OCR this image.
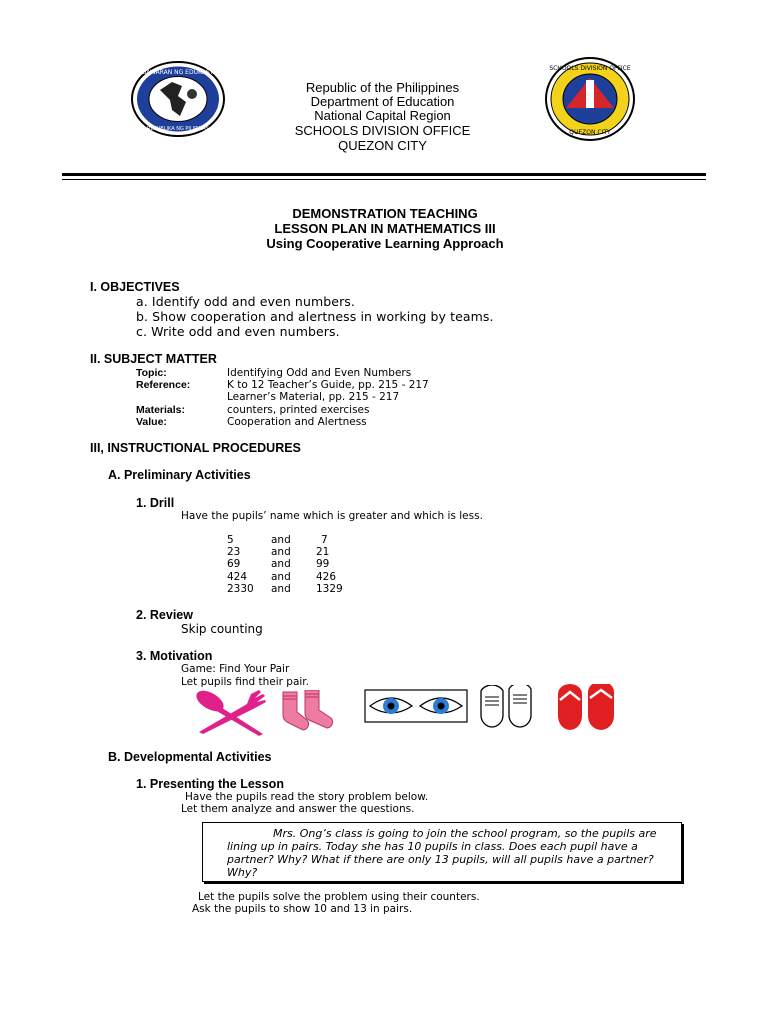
KAGAWARAN NG EDUKASYON
REPUBLIKA NG PILIPINAS
SCHOOLS DIVISION OFFICE
QUEZON CITY
Republic of the Philippines
Department of Education
National Capital Region
SCHOOLS DIVISION OFFICE
QUEZON CITY
DEMONSTRATION TEACHING
LESSON PLAN IN MATHEMATICS III
Using Cooperative Learning Approach
I. OBJECTIVES
a. Identify odd and even numbers.
b. Show cooperation and alertness in working by teams.
c. Write odd and even numbers.
II. SUBJECT MATTER
Topic:	Identifying Odd and Even Numbers
Reference:	K to 12 Teacher’s Guide, pp. 215 - 217
Learner’s Material, pp. 215 - 217
Materials:	counters, printed exercises
Value:	Cooperation and Alertness
III, INSTRUCTIONAL PROCEDURES
A. Preliminary Activities
1. Drill
Have the pupils’ name which is greater and which is less.
5	and	7
23	and 21
69	and 99
424 and 426
2330 and 1329
2. Review
Skip counting
3. Motivation
Game: Find Your Pair
Let pupils find their pair.
B. Developmental Activities
1. Presenting the Lesson
Have the pupils read the story problem below.
Let them analyze and answer the questions.
Mrs. Ong’s class is going to join the school program, so the pupils are lining up in pairs. Today she has 10 pupils in class. Does each pupil have a partner? Why? What if there are only 13 pupils, will all pupils have a partner? Why?
Let the pupils solve the problem using their counters.
Ask the pupils to show 10 and 13 in pairs.
